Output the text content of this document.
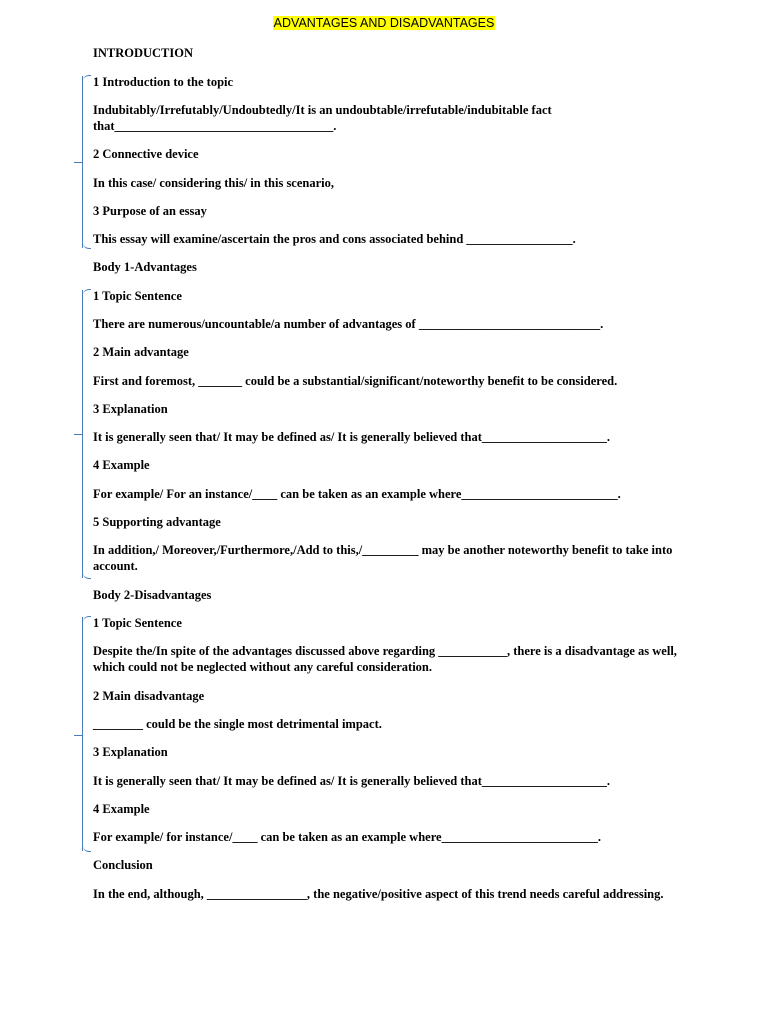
ADVANTAGES AND DISADVANTAGES
INTRODUCTION
1 Introduction to the topic
Indubitably/Irrefutably/Undoubtedly/It is an undoubtable/irrefutable/indubitable fact
that___________________________________.
2 Connective device
In this case/ considering this/ in this scenario,
3 Purpose of an essay
This essay will examine/ascertain the pros and cons associated behind _________________.
Body 1-Advantages
1 Topic Sentence
There are numerous/uncountable/a number of advantages of _____________________________.
2 Main advantage
First and foremost, _______ could be a substantial/significant/noteworthy benefit to be considered.
3 Explanation
It is generally seen that/ It may be defined as/ It is generally believed that____________________.
4 Example
For example/ For an instance/____ can be taken as an example where_________________________.
5 Supporting advantage
In addition,/ Moreover,/Furthermore,/Add to this,/_________ may be another noteworthy benefit to take into account.
Body 2-Disadvantages
1 Topic Sentence
Despite the/In spite of the advantages discussed above regarding ___________, there is a disadvantage as well, which could not be neglected without any careful consideration.
2 Main disadvantage
________ could be the single most detrimental impact.
3 Explanation
It is generally seen that/ It may be defined as/ It is generally believed that____________________.
4 Example
For example/ for instance/____ can be taken as an example where_________________________.
Conclusion
In the end, although, ________________, the negative/positive aspect of this trend needs careful addressing.
